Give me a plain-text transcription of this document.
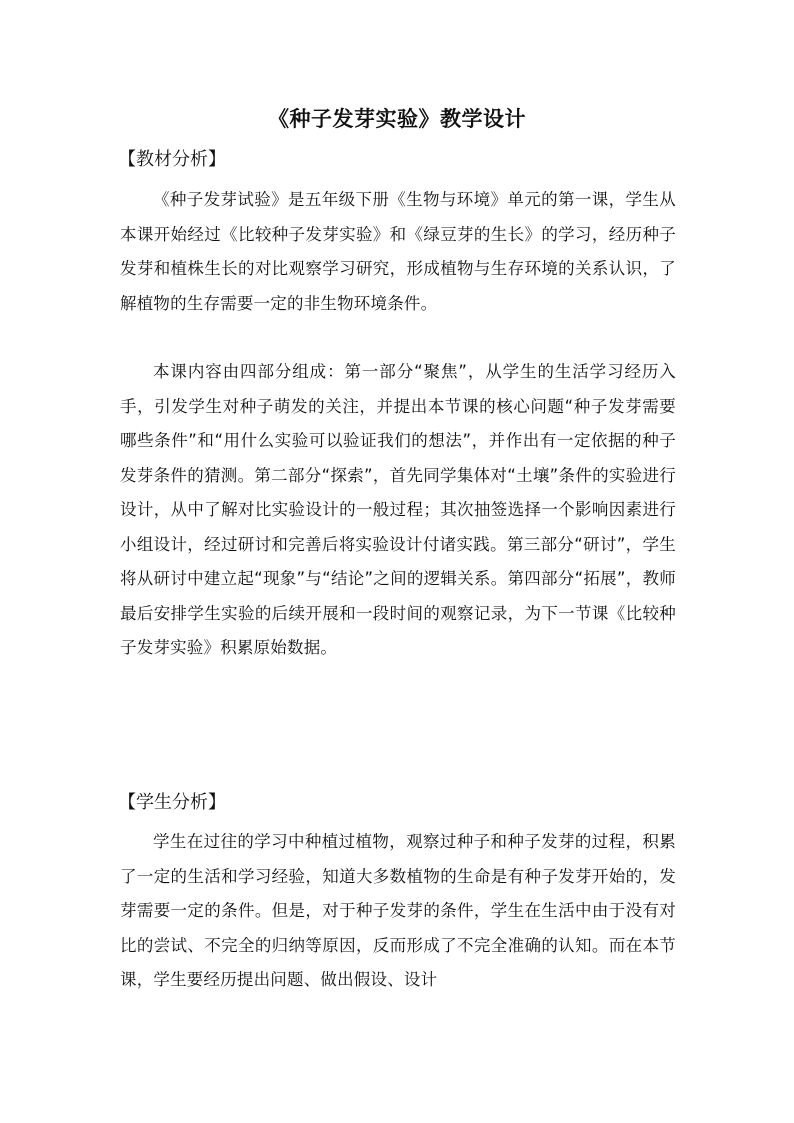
《种子发芽实验》教学设计
【教材分析】

《种子发芽试验》是五年级下册《生物与环境》单元的第一课，学生从本课开始经过《比较种子发芽实验》和《绿豆芽的生长》的学习，经历种子发芽和植株生长的对比观察学习研究，形成植物与生存环境的关系认识，了解植物的生存需要一定的非生物环境条件。

本课内容由四部分组成：第一部分“聚焦”，从学生的生活学习经历入手，引发学生对种子萌发的关注，并提出本节课的核心问题“种子发芽需要哪些条件”和“用什么实验可以验证我们的想法”，并作出有一定依据的种子发芽条件的猜测。第二部分“探索”，首先同学集体对“土壤”条件的实验进行设计，从中了解对比实验设计的一般过程；其次抽签选择一个影响因素进行小组设计，经过研讨和完善后将实验设计付诸实践。第三部分“研讨”，学生将从研讨中建立起“现象”与“结论”之间的逻辑关系。第四部分“拓展”，教师最后安排学生实验的后续开展和一段时间的观察记录，为下一节课《比较种子发芽实验》积累原始数据。

【学生分析】

学生在过往的学习中种植过植物，观察过种子和种子发芽的过程，积累了一定的生活和学习经验，知道大多数植物的生命是有种子发芽开始的，发芽需要一定的条件。但是，对于种子发芽的条件，学生在生活中由于没有对比的尝试、不完全的归纳等原因，反而形成了不完全准确的认知。而在本节课，学生要经历提出问题、做出假设、设计
